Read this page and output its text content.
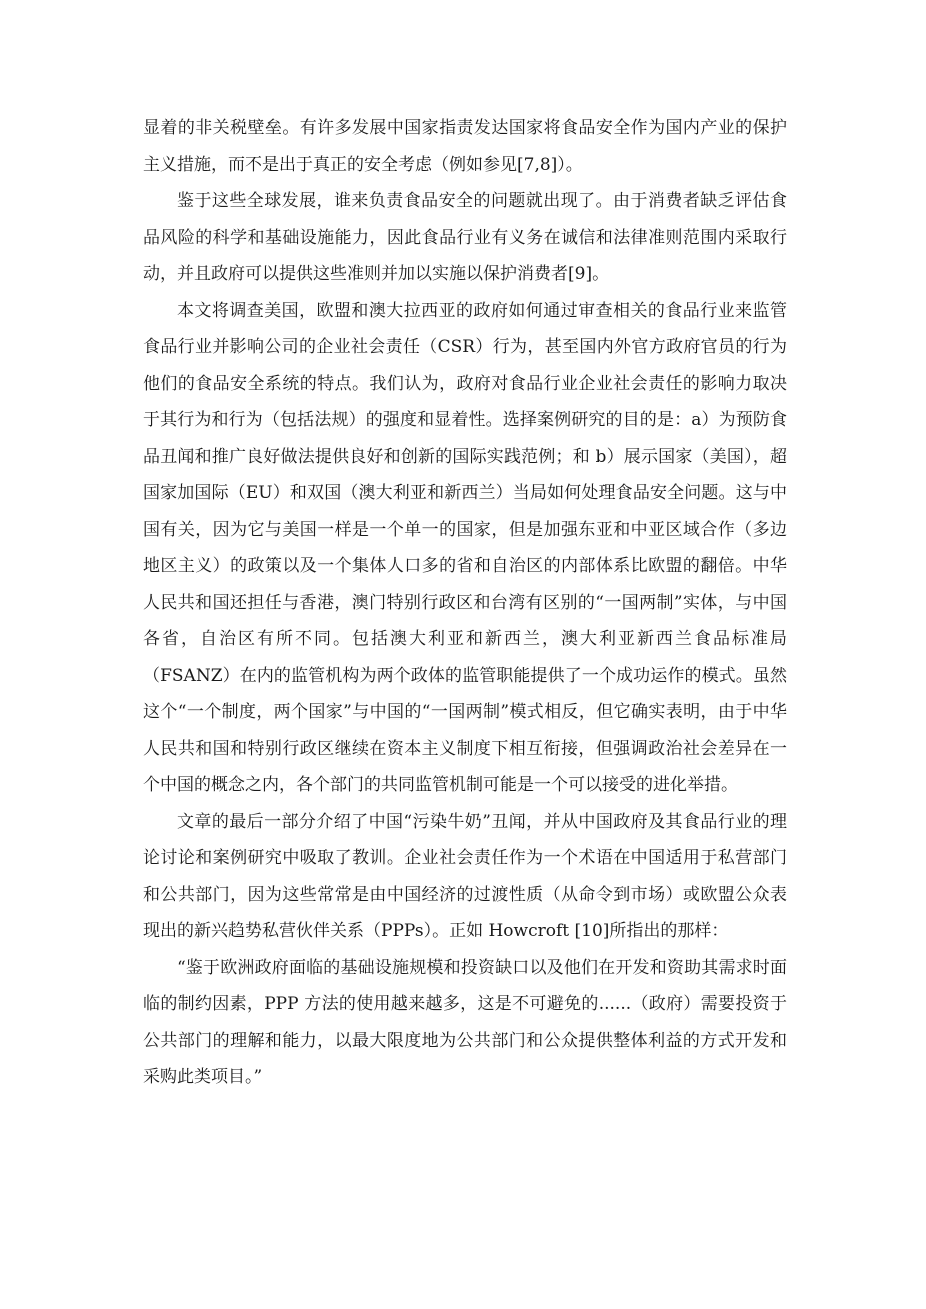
显着的非关税壁垒。有许多发展中国家指责发达国家将食品安全作为国内产业的保护主义措施，而不是出于真正的安全考虑（例如参见[7,8]）。

鉴于这些全球发展，谁来负责食品安全的问题就出现了。由于消费者缺乏评估食品风险的科学和基础设施能力，因此食品行业有义务在诚信和法律准则范围内采取行动，并且政府可以提供这些准则并加以实施以保护消费者[9]。

本文将调查美国，欧盟和澳大拉西亚的政府如何通过审查相关的食品行业来监管食品行业并影响公司的企业社会责任（CSR）行为，甚至国内外官方政府官员的行为他们的食品安全系统的特点。我们认为，政府对食品行业企业社会责任的影响力取决于其行为和行为（包括法规）的强度和显着性。选择案例研究的目的是：a）为预防食品丑闻和推广良好做法提供良好和创新的国际实践范例；和 b）展示国家（美国），超国家加国际（EU）和双国（澳大利亚和新西兰）当局如何处理食品安全问题。这与中国有关，因为它与美国一样是一个单一的国家，但是加强东亚和中亚区域合作（多边地区主义）的政策以及一个集体人口多的省和自治区的内部体系比欧盟的翻倍。中华人民共和国还担任与香港，澳门特别行政区和台湾有区别的“一国两制”实体，与中国各省，自治区有所不同。包括澳大利亚和新西兰，澳大利亚新西兰食品标准局（FSANZ）在内的监管机构为两个政体的监管职能提供了一个成功运作的模式。虽然这个“一个制度，两个国家”与中国的“一国两制”模式相反，但它确实表明，由于中华人民共和国和特别行政区继续在资本主义制度下相互衔接，但强调政治社会差异在一个中国的概念之内，各个部门的共同监管机制可能是一个可以接受的进化举措。

文章的最后一部分介绍了中国“污染牛奶”丑闻，并从中国政府及其食品行业的理论讨论和案例研究中吸取了教训。企业社会责任作为一个术语在中国适用于私营部门和公共部门，因为这些常常是由中国经济的过渡性质（从命令到市场）或欧盟公众表现出的新兴趋势私营伙伴关系（PPPs）。正如 Howcroft [10]所指出的那样：

“鉴于欧洲政府面临的基础设施规模和投资缺口以及他们在开发和资助其需求时面临的制约因素，PPP 方法的使用越来越多，这是不可避免的......（政府）需要投资于公共部门的理解和能力，以最大限度地为公共部门和公众提供整体利益的方式开发和采购此类项目。”
